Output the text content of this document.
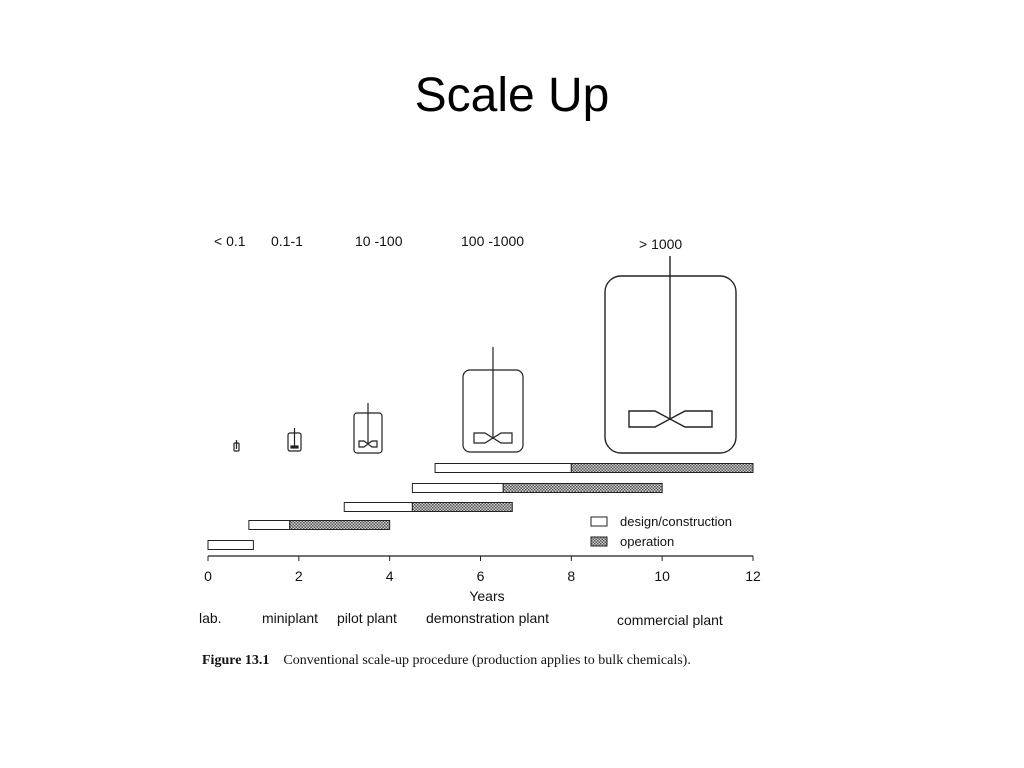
Scale Up
< 0.1 0.1-1	10 -100	100 -1000	> 1000
0	2	4	6	8	10	12
Years
design/construction
operation
lab.	miniplant pilot plant demonstration plant	commercial plant
Figure 13.1 Conventional scale-up procedure (production applies to bulk chemicals).
